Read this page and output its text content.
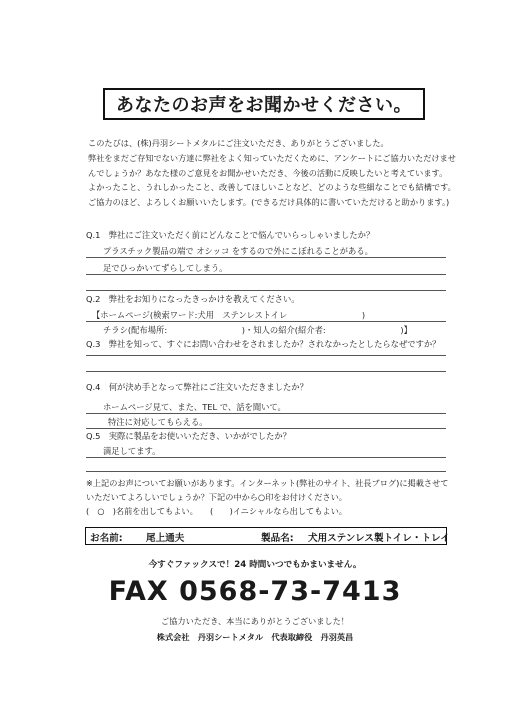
あなたのお声をお聞かせください。
このたびは、(株)丹羽シートメタルにご注文いただき、ありがとうございました。
弊社をまだご存知でない方達に弊社をよく知っていただくために、アンケートにご協力いただけませ
んでしょうか？あなた様のご意見をお聞かせいただき、今後の活動に反映したいと考えています。
よかったこと、うれしかったこと、改善してほしいことなど、どのような些細なことでも結構です。
ご協力のほど、よろしくお願いいたします。(できるだけ具体的に書いていただけると助かります。)
Q.1　弊社にご注文いただく前にどんなことで悩んでいらっしゃいましたか？
プラスチック製品の端で オシッコ をするので外にこぼれることがある。
足でひっかいてずらしてしまう。
Q.2　弊社をお知りになったきっかけを教えてください。
【ホームページ(検索ワード:犬用　ステンレストイレ　　　　　　　　　)
チラシ(配布場所:　　　　　　　　　)・知人の紹介(紹介者:　　　　　　　　　)】
Q.3　弊社を知って、すぐにお問い合わせをされましたか？されなかったとしたらなぜですか？
Q.4　何が決め手となって弊社にご注文いただきましたか？
ホームページ見て、また、TEL で、話を聞いて。
特注に対応してもらえる。
Q.5　実際に製品をお使いいただき、いかがでしたか？
満足してます。
※上記のお声についてお願いがあります。インターネット(弊社のサイト、社長ブログ)に掲載させて
いただいてよろしいでしょうか？下記の中から○印をお付けください。
(　○　)名前を出してもよい。　　(　　)イニシャルなら出してもよい。
お名前: 尾上通夫	製品名: 犬用ステンレス製トイレ・トレイ
今すぐファックスで！24 時間いつでもかまいません。
FAX 0568-73-7413
ご協力いただき、本当にありがとうございました！
株式会社　丹羽シートメタル　代表取締役　丹羽英昌
